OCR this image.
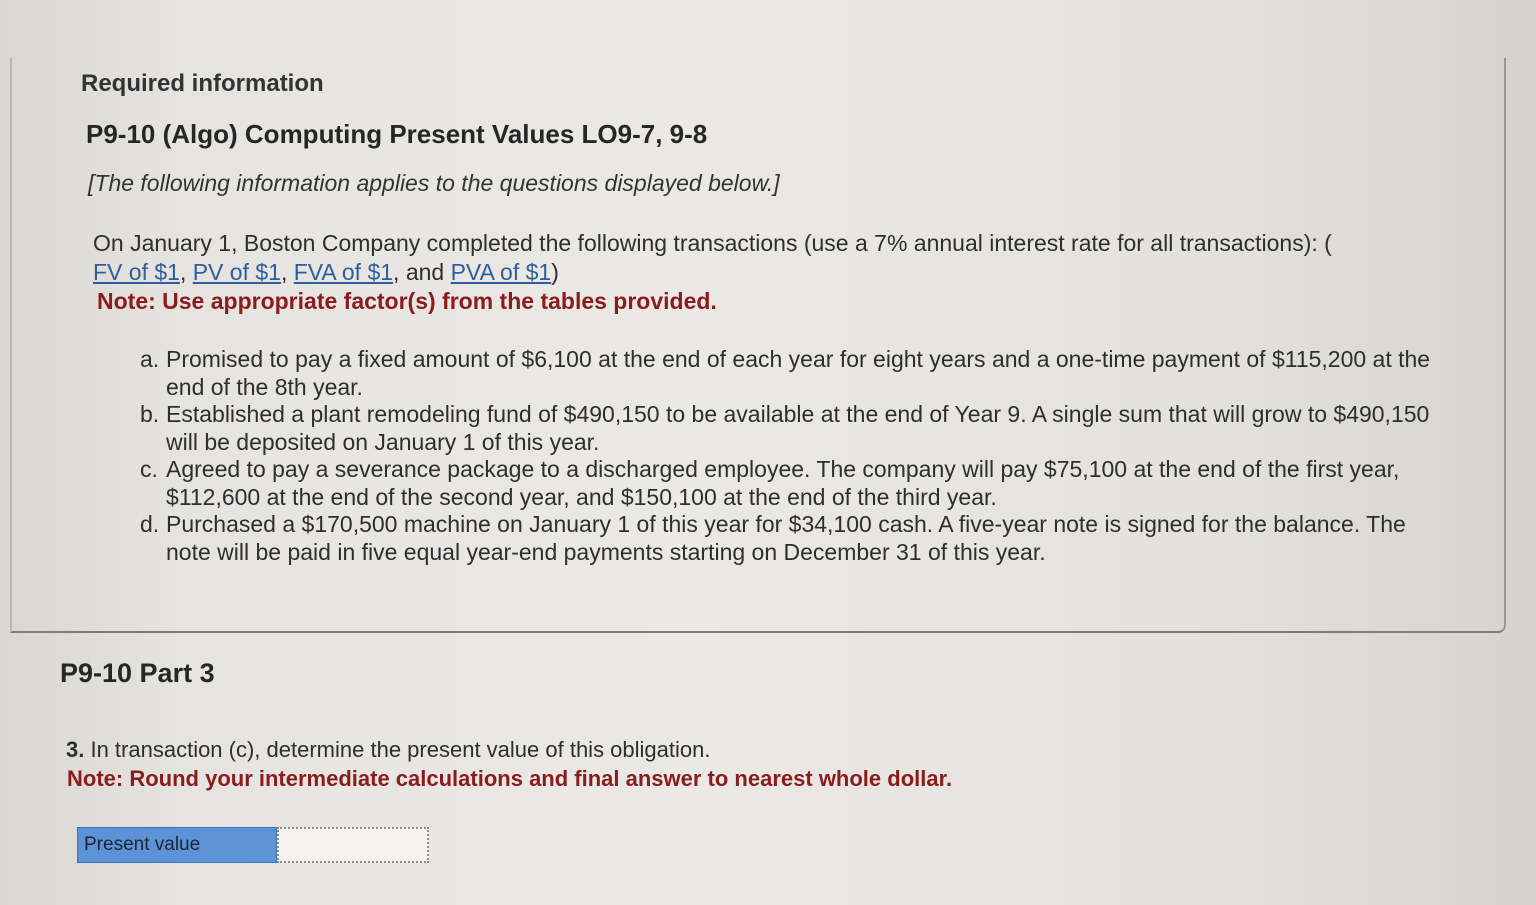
Required information
P9-10 (Algo) Computing Present Values LO9-7, 9-8
[The following information applies to the questions displayed below.]
On January 1, Boston Company completed the following transactions (use a 7% annual interest rate for all transactions): (
FV of $1, PV of $1, FVA of $1, and PVA of $1)
Note: Use appropriate factor(s) from the tables provided.
a. Promised to pay a fixed amount of $6,100 at the end of each year for eight years and a one-time payment of $115,200 at the end of the 8th year.
b. Established a plant remodeling fund of $490,150 to be available at the end of Year 9. A single sum that will grow to $490,150 will be deposited on January 1 of this year.
c. Agreed to pay a severance package to a discharged employee. The company will pay $75,100 at the end of the first year, $112,600 at the end of the second year, and $150,100 at the end of the third year.
d. Purchased a $170,500 machine on January 1 of this year for $34,100 cash. A five-year note is signed for the balance. The note will be paid in five equal year-end payments starting on December 31 of this year.
P9-10 Part 3
3. In transaction (c), determine the present value of this obligation.
Note: Round your intermediate calculations and final answer to nearest whole dollar.
Present value
